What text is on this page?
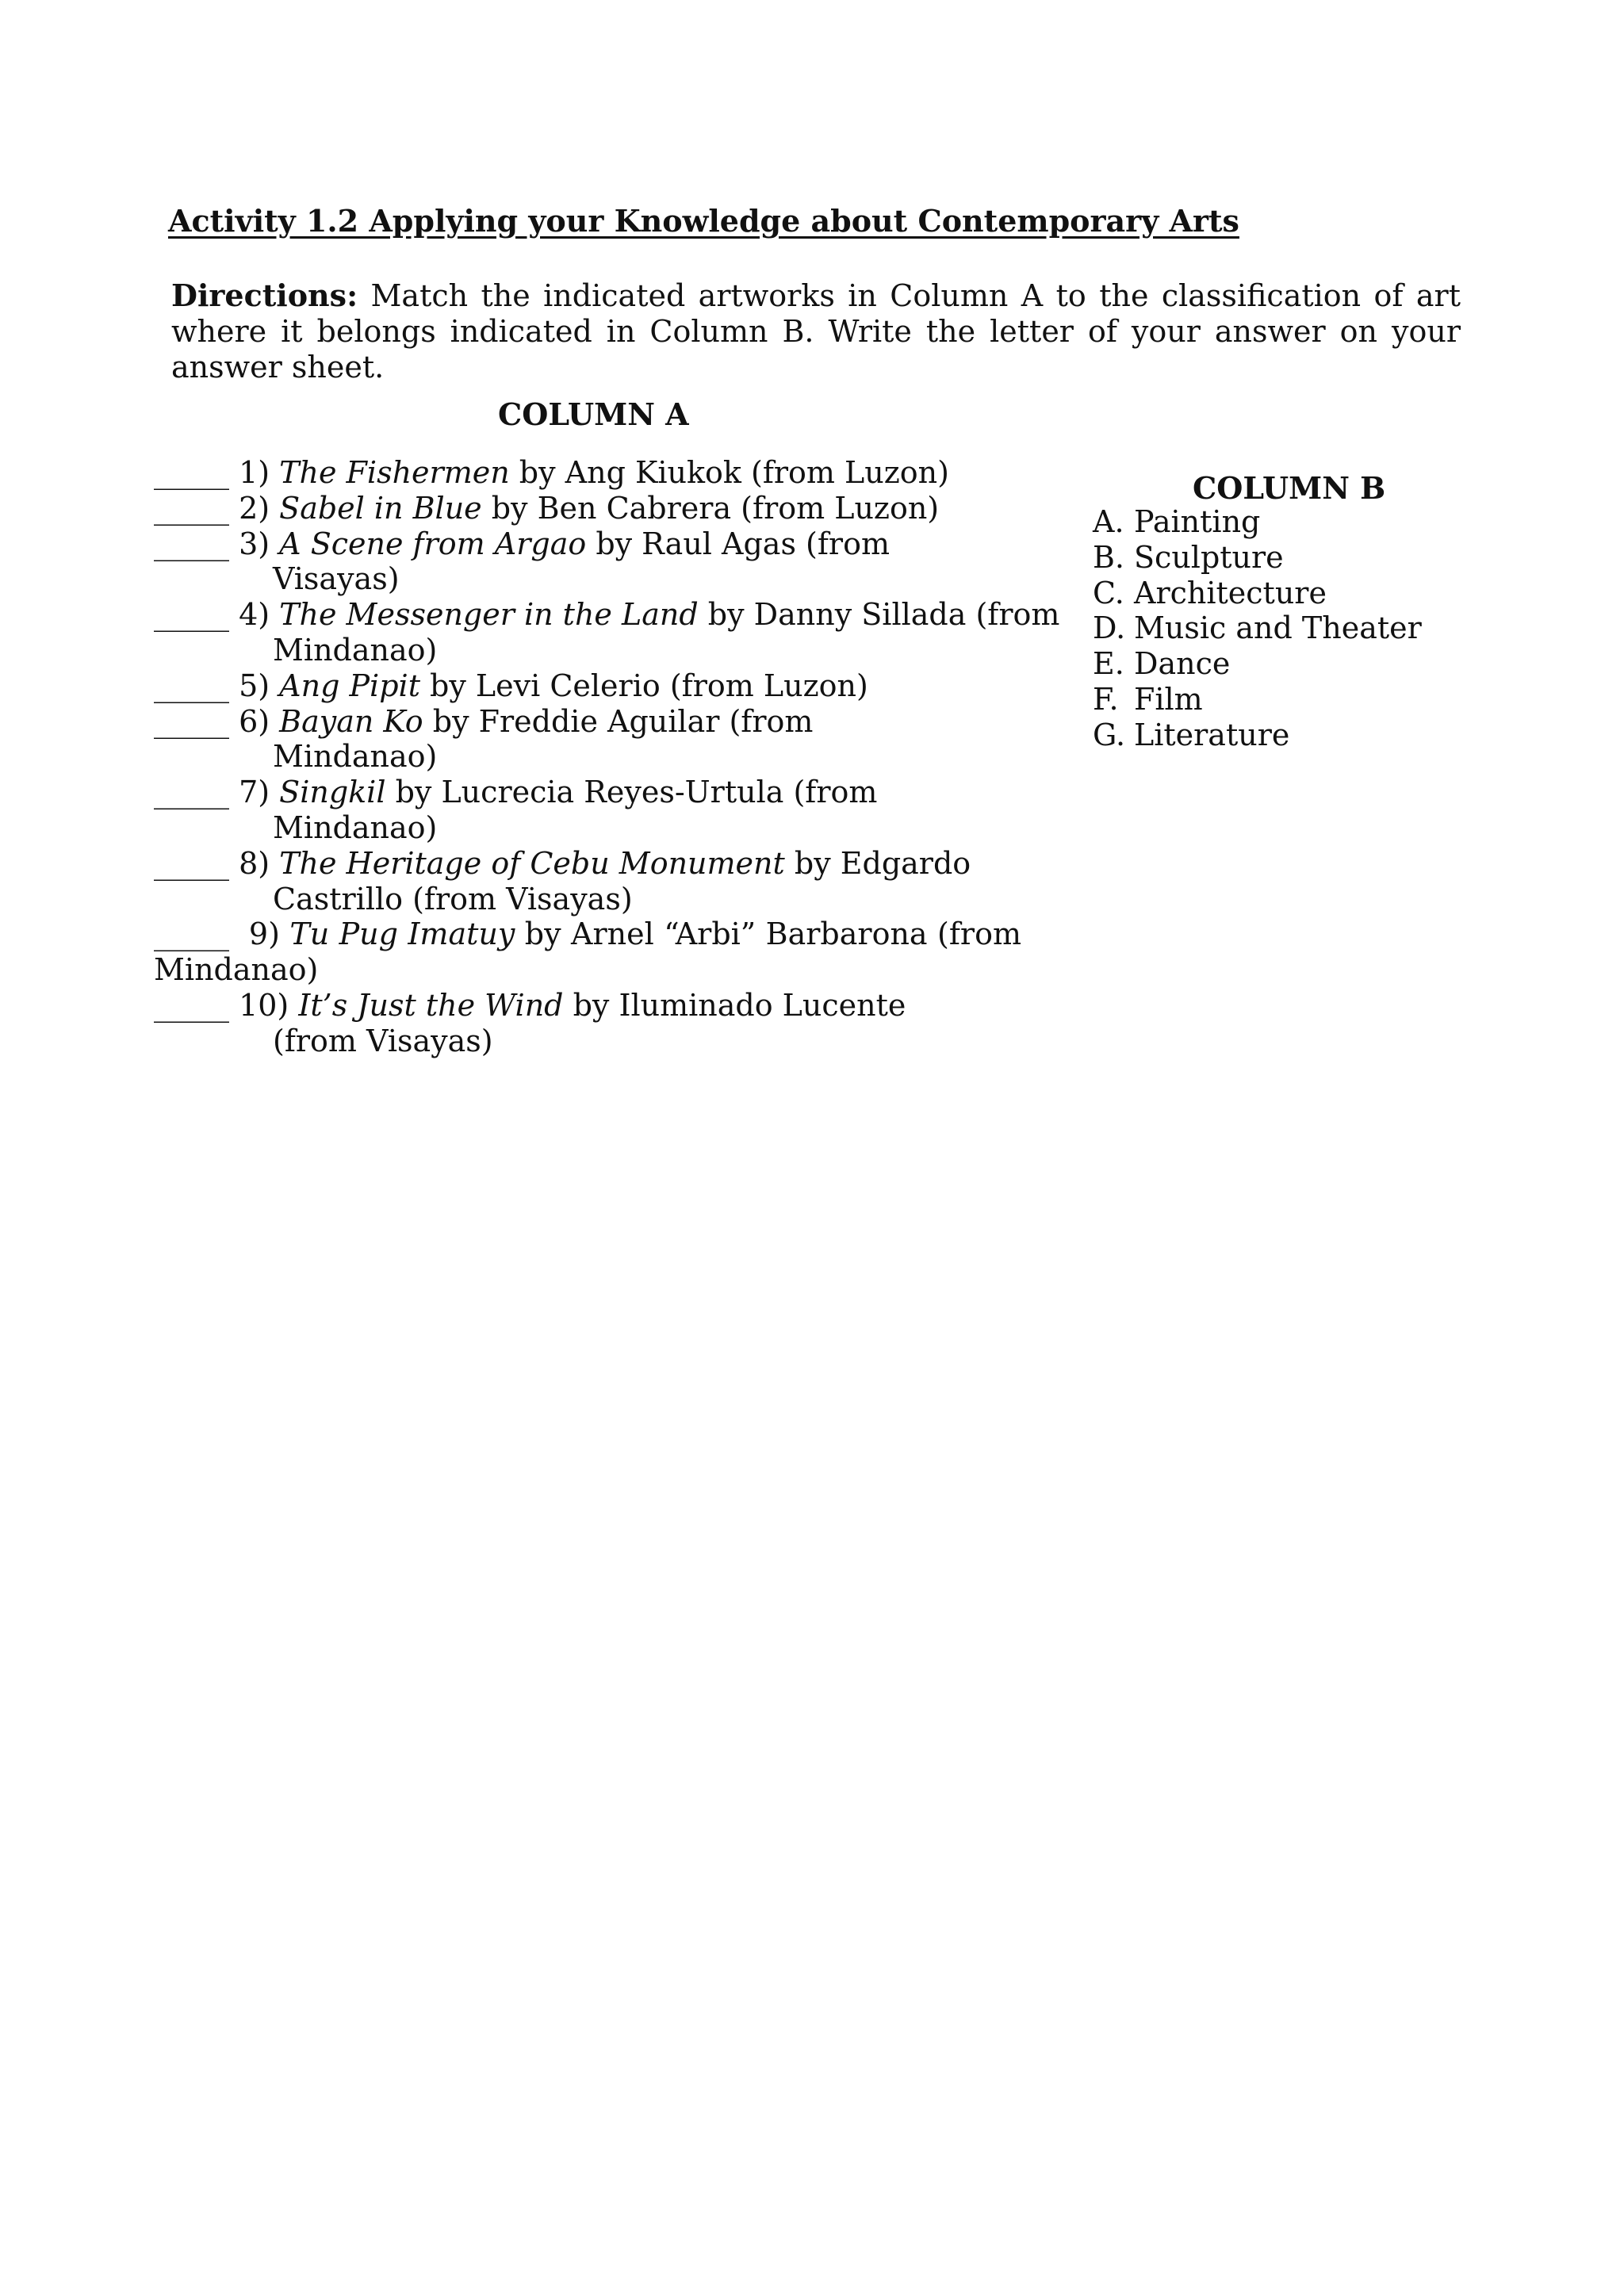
Activity 1.2 Applying your Knowledge about Contemporary Arts
Directions: Match the indicated artworks in Column A to the classification of art where it belongs indicated in Column B. Write the letter of your answer on your answer sheet.
COLUMN A
_____ 1) The Fishermen by Ang Kiukok (from Luzon)
_____ 2) Sabel in Blue by Ben Cabrera (from Luzon)
_____ 3) A Scene from Argao by Raul Agas (from
Visayas)
_____ 4) The Messenger in the Land by Danny Sillada (from
Mindanao)
_____ 5) Ang Pipit by Levi Celerio (from Luzon)
_____ 6) Bayan Ko by Freddie Aguilar (from
Mindanao)
_____ 7) Singkil by Lucrecia Reyes-Urtula (from
Mindanao)
_____ 8) The Heritage of Cebu Monument by Edgardo
Castrillo (from Visayas)
_____  9) Tu Pug Imatuy by Arnel “Arbi” Barbarona (from Mindanao)
_____ 10) It’s Just the Wind by Iluminado Lucente
(from Visayas)
COLUMN B
A. Painting
B. Sculpture
C. Architecture
D. Music and Theater
E. Dance
F. Film
G. Literature
